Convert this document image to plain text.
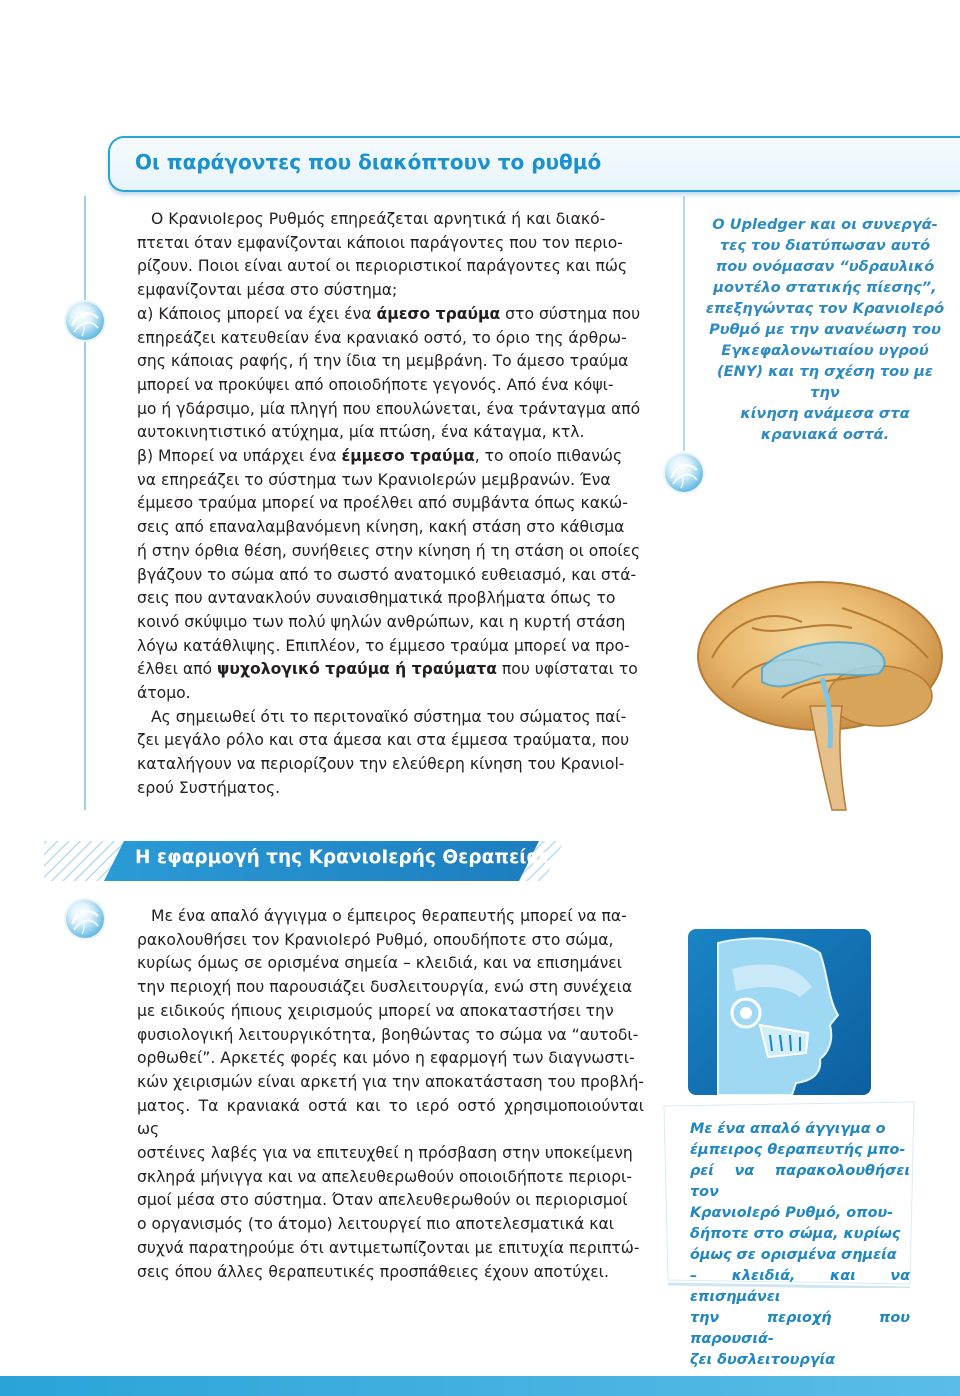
Οι παράγοντες που διακόπτουν το ρυθμό

Ο ΚρανιοΙερος Ρυθμός επηρεάζεται αρνητικά ή και διακό-
πτεται όταν εμφανίζονται κάποιοι παράγοντες που τον περιο-
ρίζουν. Ποιοι είναι αυτοί οι περιοριστικοί παράγοντες και πώς
εμφανίζονται μέσα στο σύστημα;
α) Κάποιος μπορεί να έχει ένα άμεσο τραύμα στο σύστημα που
επηρεάζει κατευθείαν ένα κρανιακό οστό, το όριο της άρθρω-
σης κάποιας ραφής, ή την ίδια τη μεμβράνη. Το άμεσο τραύμα
μπορεί να προκύψει από οποιοδήποτε γεγονός. Από ένα κόψι-
μο ή γδάρσιμο, μία πληγή που επουλώνεται, ένα τράνταγμα από
αυτοκινητιστικό ατύχημα, μία πτώση, ένα κάταγμα, κτλ.
β) Μπορεί να υπάρχει ένα έμμεσο τραύμα, το οποίο πιθανώς
να επηρεάζει το σύστημα των ΚρανιοΙερών μεμβρανών. Ένα
έμμεσο τραύμα μπορεί να προέλθει από συμβάντα όπως κακώ-
σεις από επαναλαμβανόμενη κίνηση, κακή στάση στο κάθισμα
ή στην όρθια θέση, συνήθειες στην κίνηση ή τη στάση οι οποίες
βγάζουν το σώμα από το σωστό ανατομικό ευθειασμό, και στά-
σεις που αντανακλούν συναισθηματικά προβλήματα όπως το
κοινό σκύψιμο των πολύ ψηλών ανθρώπων, και η κυρτή στάση
λόγω κατάθλιψης. Επιπλέον, το έμμεσο τραύμα μπορεί να προ-
έλθει από ψυχολογικό τραύμα ή τραύματα που υφίσταται το
άτομο.
Ας σημειωθεί ότι το περιτοναϊκό σύστημα του σώματος παί-
ζει μεγάλο ρόλο και στα άμεσα και στα έμμεσα τραύματα, που
καταλήγουν να περιορίζουν την ελεύθερη κίνηση του Κρανιοl-
ερού Συστήματος.

Ο Upledger και οι συνεργά-
τες του διατύπωσαν αυτό
που ονόμασαν “υδραυλικό
μοντέλο στατικής πίεσης”,
επεξηγώντας τον ΚρανιοΙερό
Ρυθμό με την ανανέωση του
Εγκεφαλονωτιαίου υγρού
(ΕΝΥ) και τη σχέση του με την
κίνηση ανάμεσα στα
κρανιακά οστά.
Η εφαρμογή της ΚρανιοΙερής Θεραπείας

Με ένα απαλό άγγιγμα ο έμπειρος θεραπευτής μπορεί να πα-
ρακολουθήσει τον ΚρανιοΙερό Ρυθμό, οπουδήποτε στο σώμα,
κυρίως όμως σε ορισμένα σημεία – κλειδιά, και να επισημάνει
την περιοχή που παρουσιάζει δυσλειτουργία, ενώ στη συνέχεια
με ειδικούς ήπιους χειρισμούς μπορεί να αποκαταστήσει την
φυσιολογική λειτουργικότητα, βοηθώντας το σώμα να “αυτοδι-
ορθωθεί”. Αρκετές φορές και μόνο η εφαρμογή των διαγνωστι-
κών χειρισμών είναι αρκετή για την αποκατάσταση του προβλή-
ματος. Τα κρανιακά οστά και το ιερό οστό χρησιμοποιούνται ως
οστέινες λαβές για να επιτευχθεί η πρόσβαση στην υποκείμενη
σκληρά μήνιγγα και να απελευθερωθούν οποιοιδήποτε περιορι-
σμοί μέσα στο σύστημα. Όταν απελευθερωθούν οι περιορισμοί
ο οργανισμός (το άτομο) λειτουργεί πιο αποτελεσματικά και
συχνά παρατηρούμε ότι αντιμετωπίζονται με επιτυχία περιπτώ-
σεις όπου άλλες θεραπευτικές προσπάθειες έχουν αποτύχει.

Με ένα απαλό άγγιγμα ο
έμπειρος θεραπευτής μπο-
ρεί να παρακολουθήσει τον
ΚρανιοΙερό Ρυθμό, οπου-
δήποτε στο σώμα, κυρίως
όμως σε ορισμένα σημεία
– κλειδιά, και να επισημάνει
την περιοχή που παρουσιά-
ζει δυσλειτουργία
